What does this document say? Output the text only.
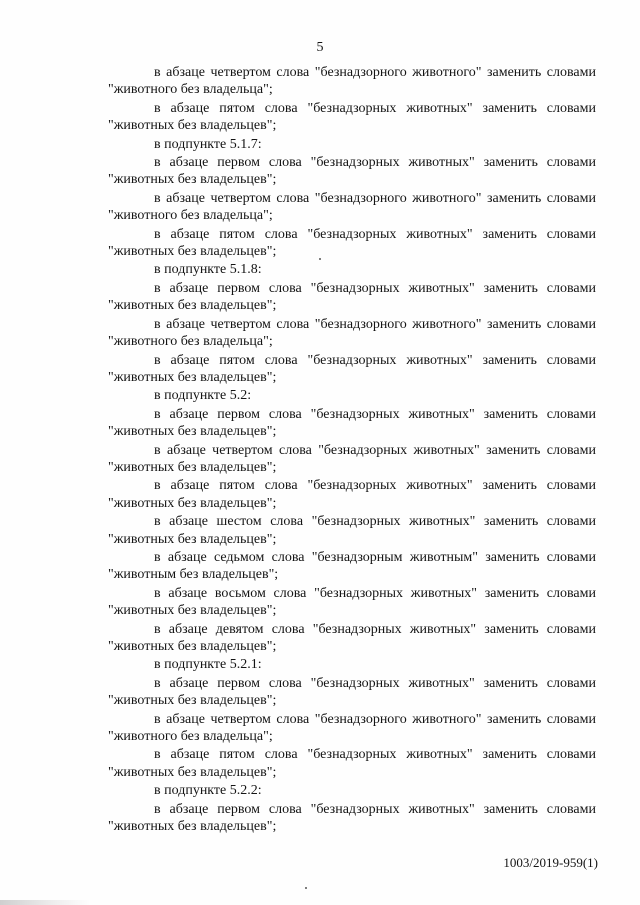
5

в абзаце четвертом слова "безнадзорного животного" заменить словами "животного без владельца";

в абзаце пятом слова "безнадзорных животных" заменить словами "животных без владельцев";

в подпункте 5.1.7:

в абзаце первом слова "безнадзорных животных" заменить словами "животных без владельцев";

в абзаце четвертом слова "безнадзорного животного" заменить словами "животного без владельца";

в абзаце пятом слова "безнадзорных животных" заменить словами "животных без владельцев";

в подпункте 5.1.8:

в абзаце первом слова "безнадзорных животных" заменить словами "животных без владельцев";

в абзаце четвертом слова "безнадзорного животного" заменить словами "животного без владельца";

в абзаце пятом слова "безнадзорных животных" заменить словами "животных без владельцев";

в подпункте 5.2:

в абзаце первом слова "безнадзорных животных" заменить словами "животных без владельцев";

в абзаце четвертом слова "безнадзорных животных" заменить словами "животных без владельцев";

в абзаце пятом слова "безнадзорных животных" заменить словами "животных без владельцев";

в абзаце шестом слова "безнадзорных животных" заменить словами "животных без владельцев";

в абзаце седьмом слова "безнадзорным животным" заменить словами "животным без владельцев";

в абзаце восьмом слова "безнадзорных животных" заменить словами "животных без владельцев";

в абзаце девятом слова "безнадзорных животных" заменить словами "животных без владельцев";

в подпункте 5.2.1:

в абзаце первом слова "безнадзорных животных" заменить словами "животных без владельцев";

в абзаце четвертом слова "безнадзорного животного" заменить словами "животного без владельца";

в абзаце пятом слова "безнадзорных животных" заменить словами "животных без владельцев";

в подпункте 5.2.2:

в абзаце первом слова "безнадзорных животных" заменить словами "животных без владельцев";

1003/2019-959(1)
